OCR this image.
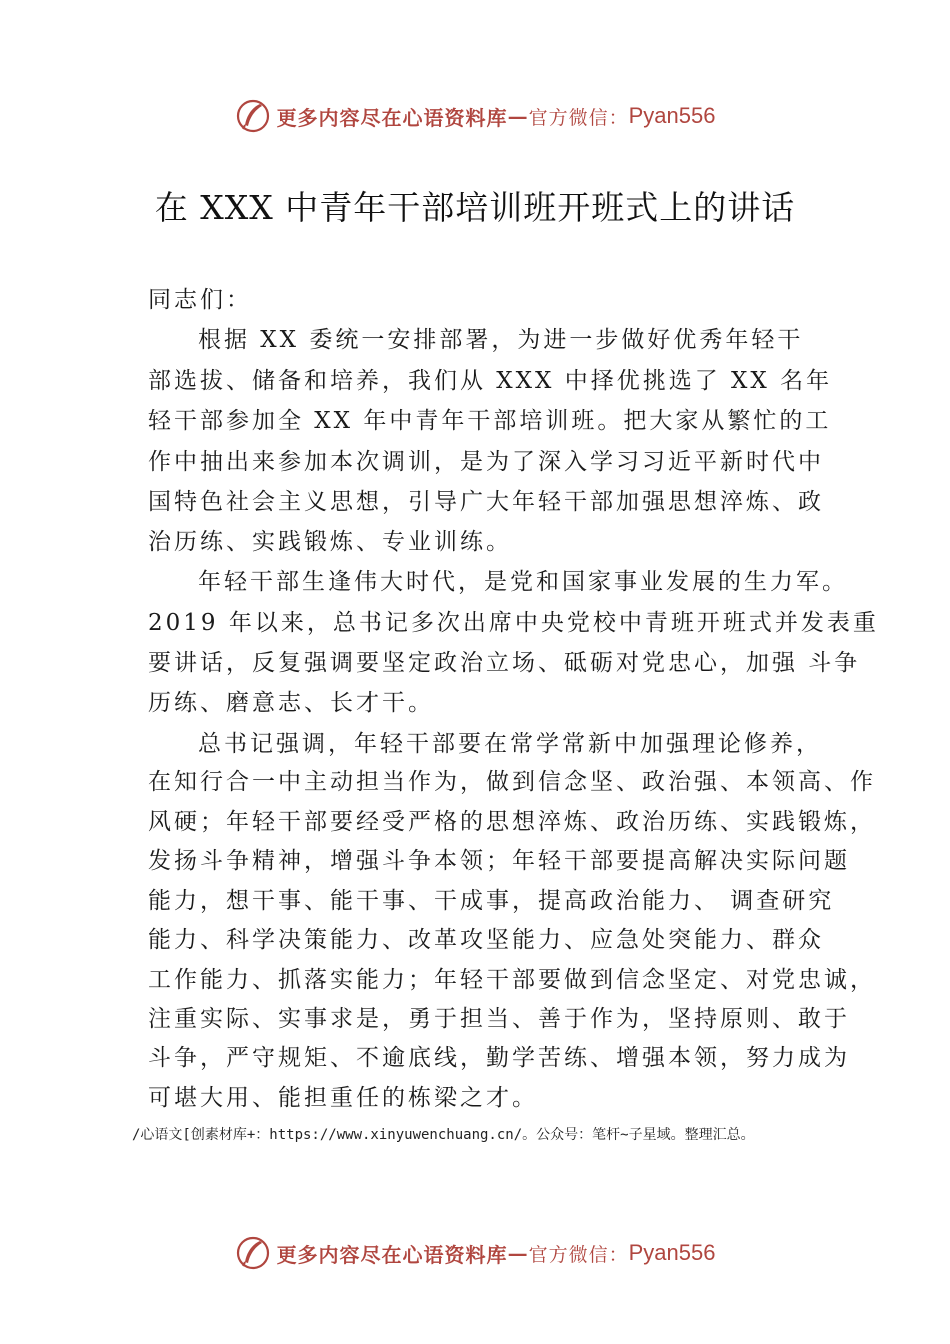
更多内容尽在心语资料库 — 官方微信： Pyan556
在 XXX 中青年干部培训班开班式上的讲话
同志们：
根据 XX 委统一安排部署，为进一步做好优秀年轻干
部选拔、储备和培养，我们从 XXX 中择优挑选了 XX 名年
轻干部参加全 XX 年中青年干部培训班。把大家从繁忙的工
作中抽出来参加本次调训，是为了深入学习习近平新时代中
国特色社会主义思想，引导广大年轻干部加强思想淬炼、政
治历练、实践锻炼、专业训练。
年轻干部生逢伟大时代，是党和国家事业发展的生力军。
2019 年以来，总书记多次出席中央党校中青班开班式并发表重
要讲话，反复强调要坚定政治立场、砥砺对党忠心，加强 斗争
历练、磨意志、长才干。
总书记强调，年轻干部要在常学常新中加强理论修养，
在知行合一中主动担当作为，做到信念坚、政治强、本领高、作
风硬；年轻干部要经受严格的思想淬炼、政治历练、实践锻炼，
发扬斗争精神，增强斗争本领；年轻干部要提高解决实际问题
能力，想干事、能干事、干成事，提高政治能力、 调查研究
能力、科学决策能力、改革攻坚能力、应急处突能力、群众
工作能力、抓落实能力；年轻干部要做到信念坚定、对党忠诚，
注重实际、实事求是，勇于担当、善于作为，坚持原则、敢于
斗争，严守规矩、不逾底线，勤学苦练、增强本领，努力成为
可堪大用、能担重任的栋梁之才。
/心语文[创素材库+：https://www.xinyuwenchuang.cn/。公众号：笔杆~子星域。整理汇总。
更多内容尽在心语资料库 — 官方微信： Pyan556
